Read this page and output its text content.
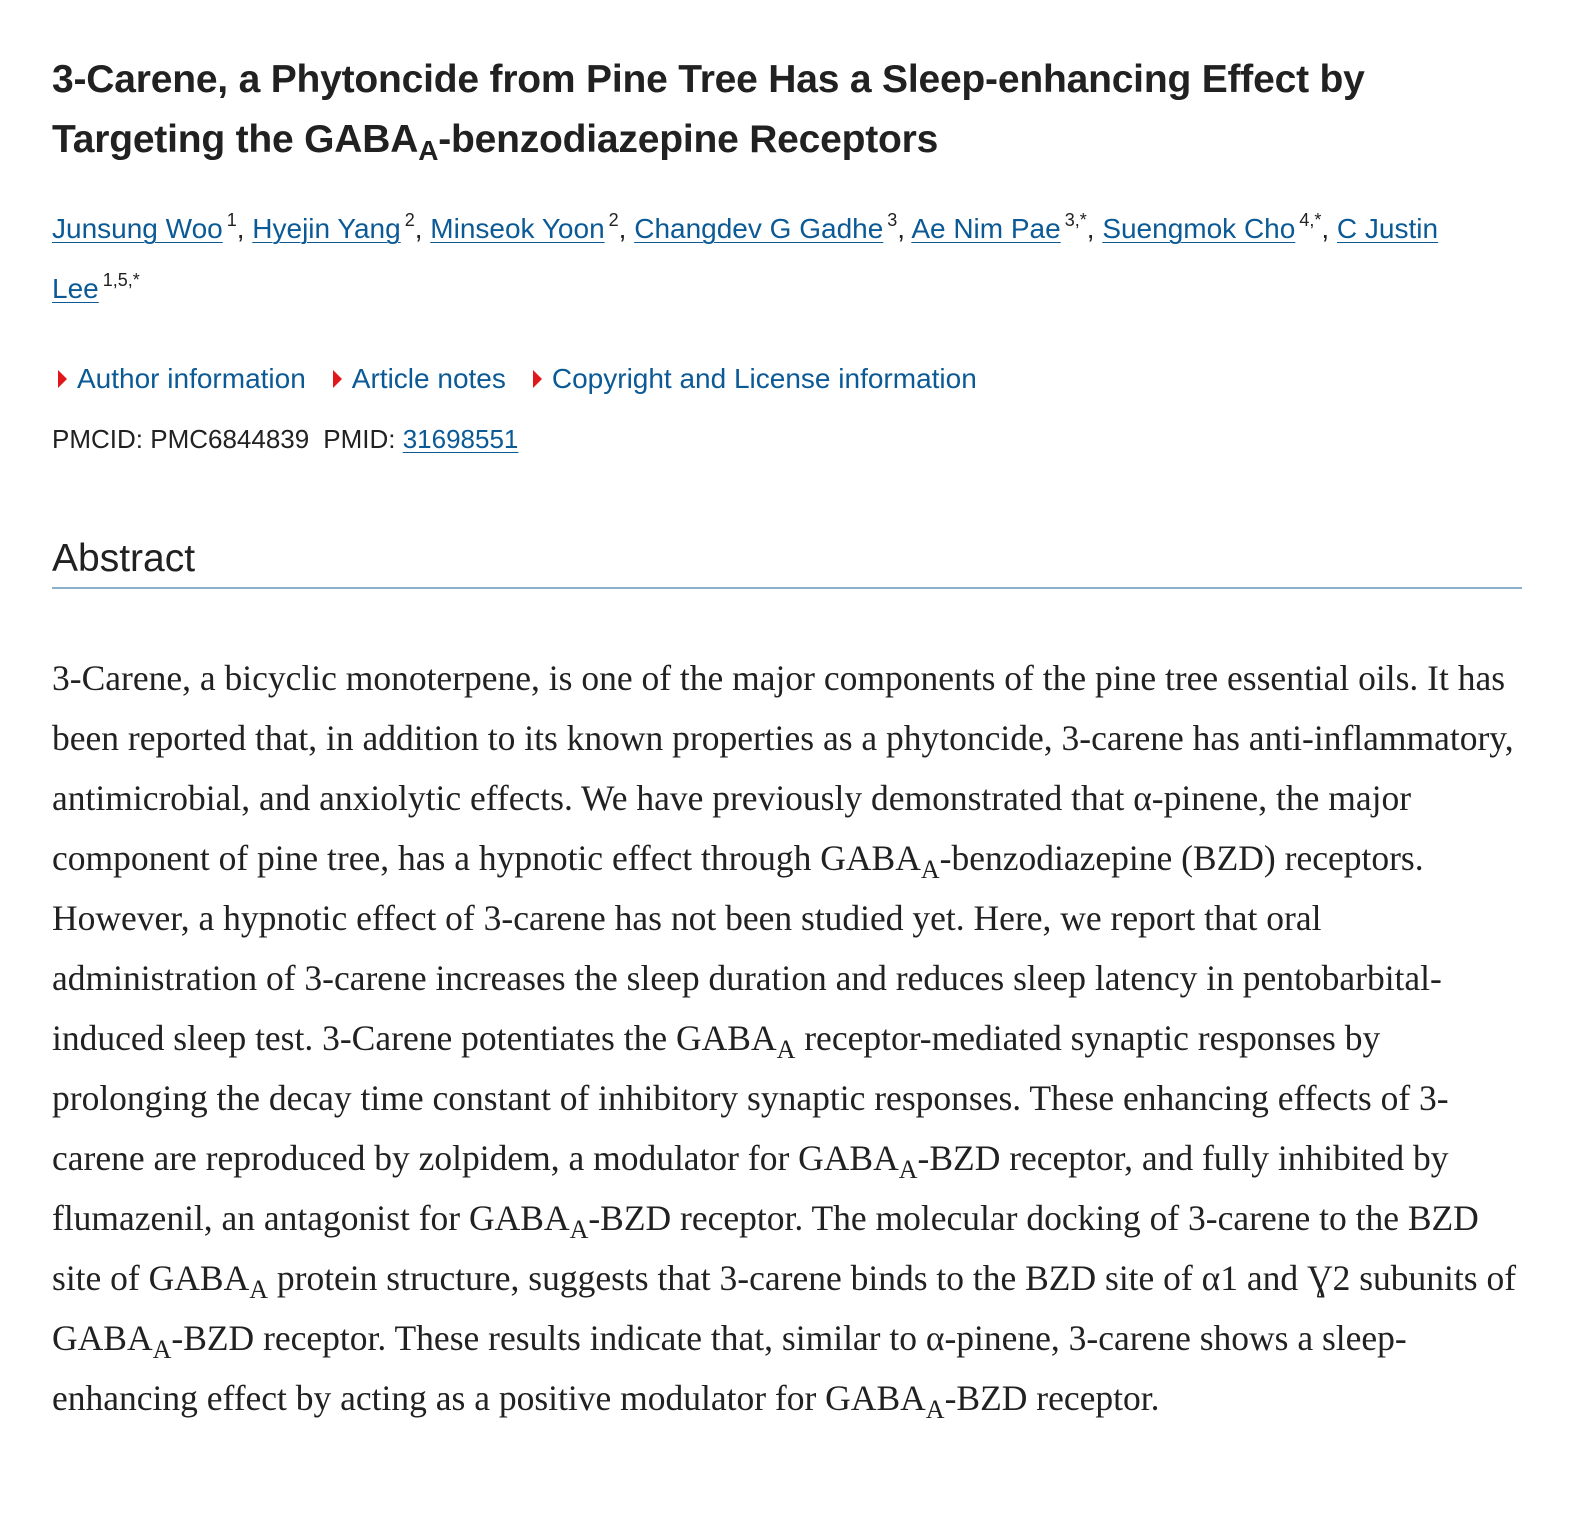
3-Carene, a Phytoncide from Pine Tree Has a Sleep-enhancing Effect by Targeting the $GABA_A$-benzodiazepine Receptors
Junsung Woo $^1$, Hyejin Yang $^2$, Minseok Yoon $^2$, Changdev G Gadhe $^3$, Ae Nim Pae $^{3,*}$, Suengmok Cho $^{4,*}$, C Justin Lee $^{1,5,*}$
Author information Article notes Copyright and License information
PMCID: PMC6844839 PMID: 31698551
Abstract

3-Carene, a bicyclic monoterpene, is one of the major components of the pine tree essential oils. It has been reported that, in addition to its known properties as a phytoncide, 3-carene has anti-inflammatory, antimicrobial, and anxiolytic effects. We have previously demonstrated that α-pinene, the major component of pine tree, has a hypnotic effect through $GABA_A$-benzodiazepine (BZD) receptors. However, a hypnotic effect of 3-carene has not been studied yet. Here, we report that oral administration of 3-carene increases the sleep duration and reduces sleep latency in pentobarbital-induced sleep test. 3-Carene potentiates the $GABA_A$ receptor-mediated synaptic responses by prolonging the decay time constant of inhibitory synaptic responses. These enhancing effects of 3-carene are reproduced by zolpidem, a modulator for $GABA_A$-BZD receptor, and fully inhibited by flumazenil, an antagonist for $GABA_A$-BZD receptor. The molecular docking of 3-carene to the BZD site of $GABA_A$ protein structure, suggests that 3-carene binds to the BZD site of α1 and Ɣ2 subunits of $GABA_A$-BZD receptor. These results indicate that, similar to α-pinene, 3-carene shows a sleep-enhancing effect by acting as a positive modulator for $GABA_A$-BZD receptor.
